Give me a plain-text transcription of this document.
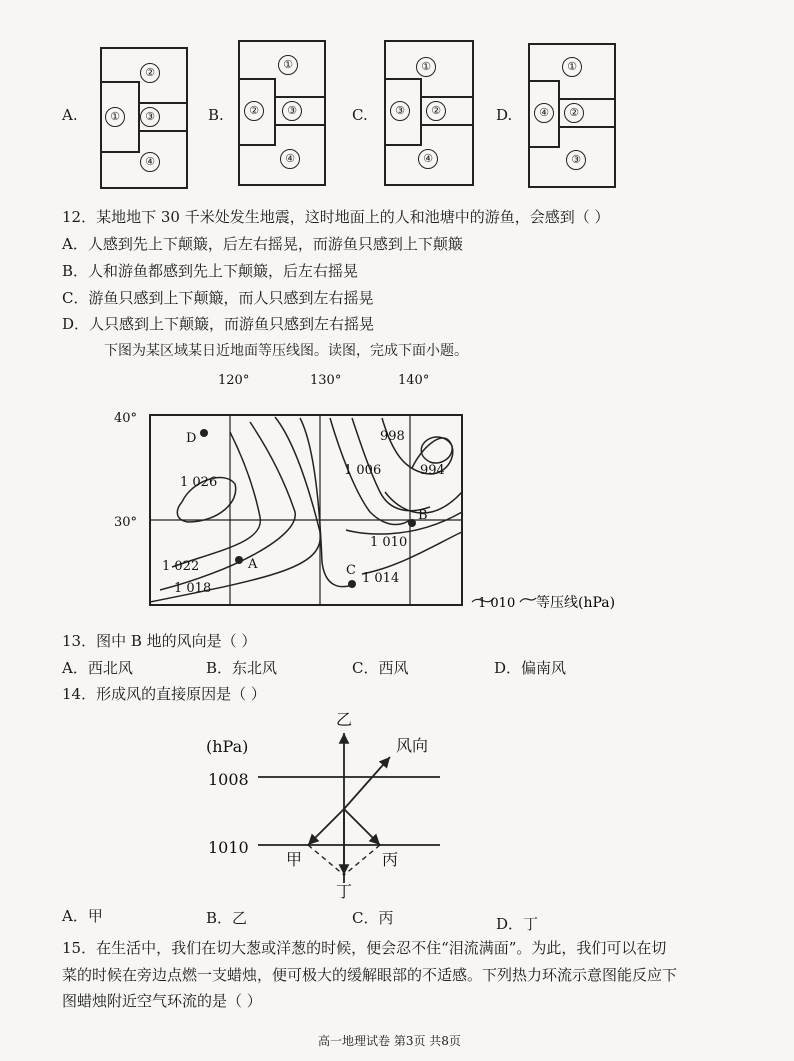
A.
②
①	③
④
B.
①
②	③
④
C.
①
③	②
④
D.
①
④	②
③
12．某地地下 30 千米处发生地震，这时地面上的人和池塘中的游鱼，会感到（ ）
A．人感到先上下颠簸，后左右摇晃，而游鱼只感到上下颠簸
B．人和游鱼都感到先上下颠簸，后左右摇晃
C．游鱼只感到上下颠簸，而人只感到左右摇晃
D．人只感到上下颠簸，而游鱼只感到左右摇晃
下图为某区域某日近地面等压线图。读图，完成下面小题。
120°	130°	140°
40°
30°
998
1 006	994
1 026
1 010
1 022
1 018
1 014
D
A
B
C
1 010 等压线(hPa)
13．图中 B 地的风向是（ ）
A．西北风	B．东北风	C．西风	D．偏南风
14．形成风的直接原因是（ ）
(hPa)
1008
1010
乙
风向
甲	丙
丁
A．甲	B．乙	C．丙	D．丁
15．在生活中，我们在切大葱或洋葱的时候，便会忍不住“泪流满面”。为此，我们可以在切
菜的时候在旁边点燃一支蜡烛，便可极大的缓解眼部的不适感。下列热力环流示意图能反应下
图蜡烛附近空气环流的是（ ）
高一地理试卷 第3页 共8页
